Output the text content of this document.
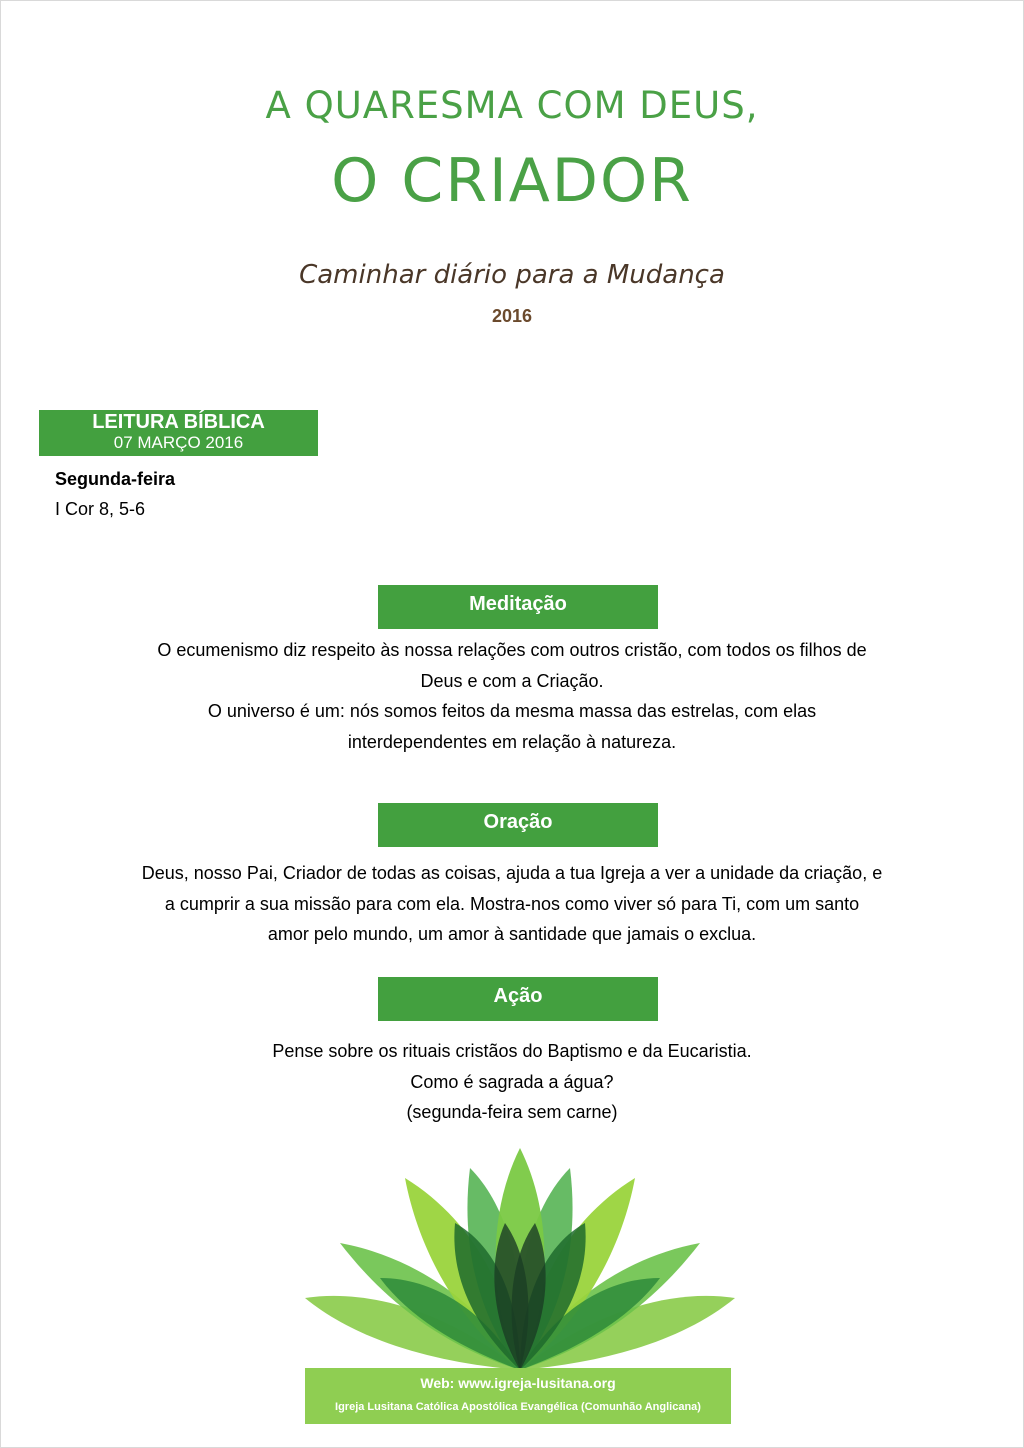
A QUARESMA COM DEUS,
O CRIADOR
Caminhar diário para a Mudança
2016
LEITURA BÍBLICA
07 MARÇO 2016
Segunda-feira
I Cor 8, 5-6
Meditação
O ecumenismo diz respeito às nossa relações com outros cristão, com todos os filhos de
Deus e com a Criação.
O universo é um: nós somos feitos da mesma massa das estrelas, com elas
interdependentes em relação à natureza.
Oração
Deus, nosso Pai, Criador de todas as coisas, ajuda a tua Igreja a ver a unidade da criação, e
a cumprir a sua missão para com ela. Mostra-nos como viver só para Ti, com um santo
amor pelo mundo, um amor à santidade que jamais o exclua.
Ação
Pense sobre os rituais cristãos do Baptismo e da Eucaristia.
Como é sagrada a água?
(segunda-feira sem carne)
Web: www.igreja-lusitana.org
Igreja Lusitana Católica Apostólica Evangélica (Comunhão Anglicana)
